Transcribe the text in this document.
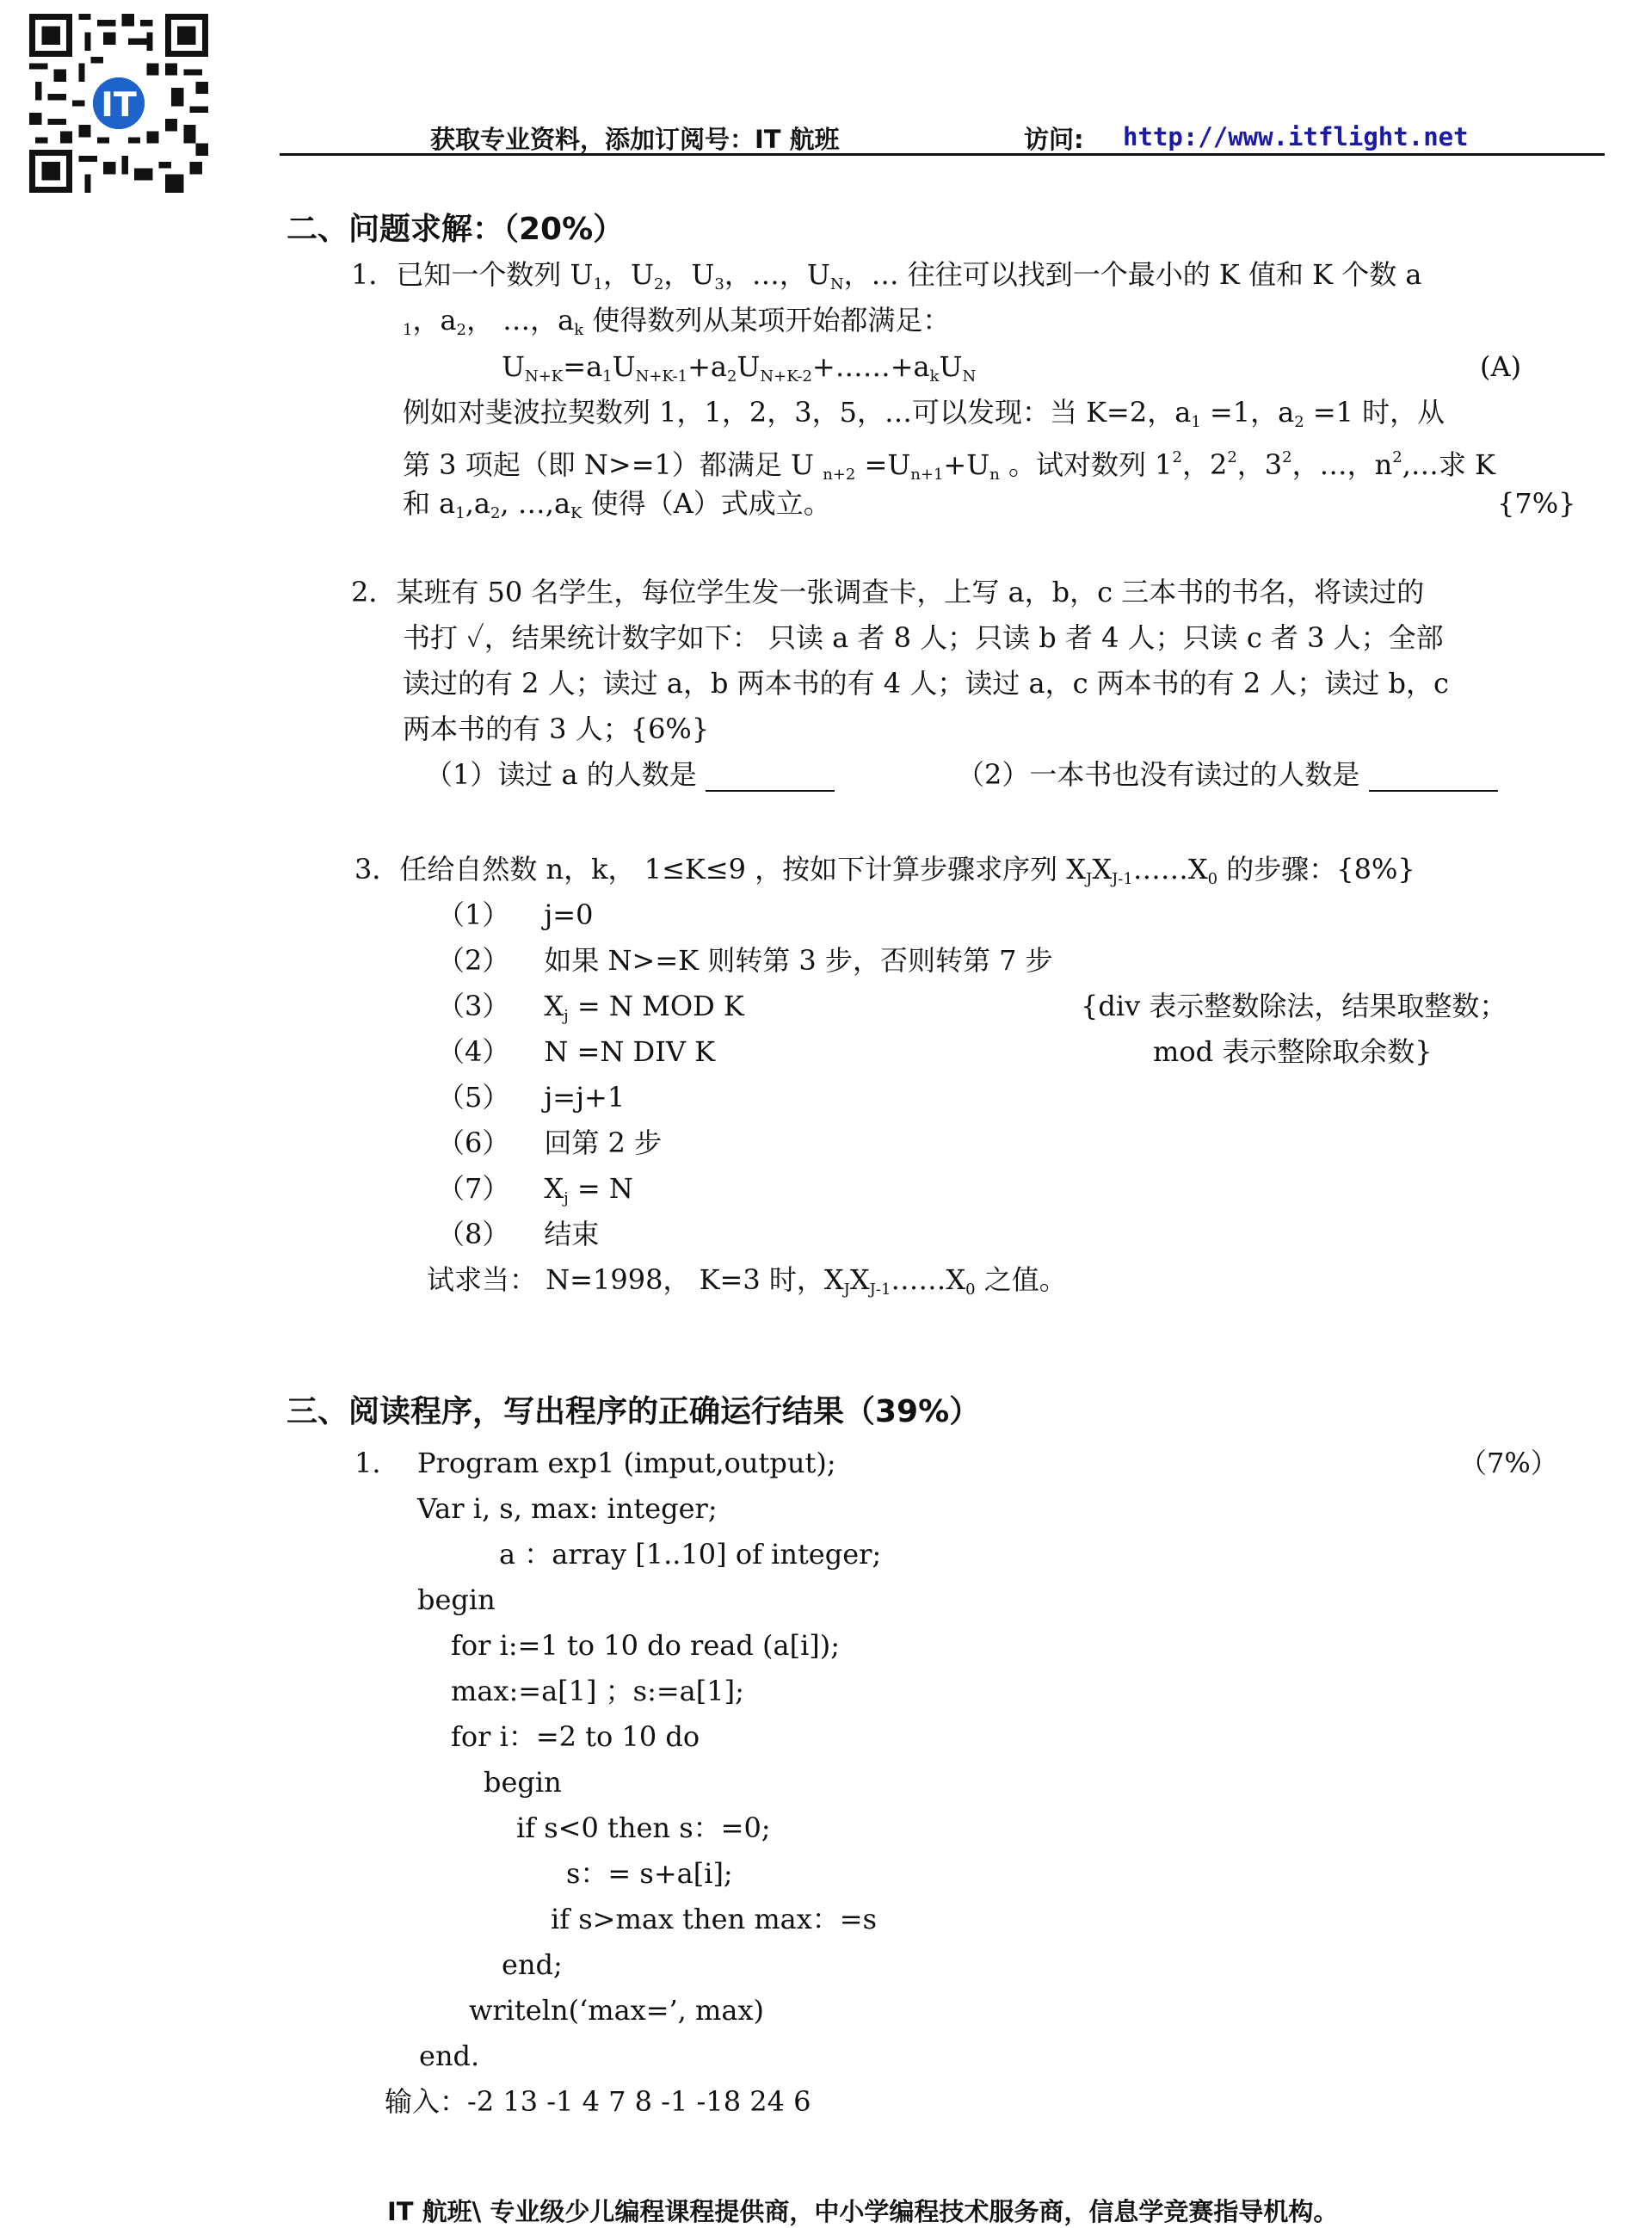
IT
获取专业资料，添加订阅号：IT 航班	访问: http://www.itflight.net
二、问题求解：（20%）
1．已知一个数列 $U_1$，$U_2$，$U_3$，…，$U_N$，… 往往可以找到一个最小的 K 值和 K 个数 a
$_1$，$a_2$， …，$a_k$ 使得数列从某项开始都满足：
$U_{N+K}=a_1U_{N+K-1}+a_2U_{N+K-2}+\dots\dots+a_kU_N$	(A)
例如对斐波拉契数列 1，1，2，3，5，…可以发现：当 K=2，$a_1 =1$，$a_2 =1$ 时，从
第 3 项起（即 N>=1）都满足 U $_{n+2} =U_{n+1}+U_n$ 。试对数列 $1^2$，$2^2$，$3^2$，…，$n^2,\dots$求 K
和 $a_1,a_2$, $\dots,a_K$ 使得（A）式成立。	{7%}
2．某班有 50 名学生，每位学生发一张调查卡，上写 a，b，c 三本书的书名，将读过的
书打 ✓，结果统计数字如下： 只读 a 者 8 人；只读 b 者 4 人；只读 c 者 3 人；全部
读过的有 2 人；读过 a，b 两本书的有 4 人；读过 a，c 两本书的有 2 人；读过 b，c
两本书的有 3 人；{6%}
（1）读过 a 的人数是	（2）一本书也没有读过的人数是
3．任给自然数 n，k， 1≤K≤9 ，按如下计算步骤求序列 $X_JX_{J-1}\dots\dots X_0$ 的步骤：{8%}
（1） j=0
（2） 如果 N>=K 则转第 3 步，否则转第 7 步
（3） $X_j = N$ MOD K
（4） N =N DIV K
（5） j=j+1
（6） 回第 2 步
（7） $X_j = N$
（8） 结束
{div 表示整数除法，结果取整数；
mod 表示整除取余数}
试求当： N=1998， K=3 时，$X_JX_{J-1}\dots\dots X_0$ 之值。
三、阅读程序，写出程序的正确运行结果（39%）
1.	（7%）
Program exp1 (imput,output);
Var i, s, max: integer;
a ：array [1..10] of integer;
begin
for i:=1 to 10 do read (a[i]);
max:=a[1] ；s:=a[1];
for i：=2 to 10 do
begin
if s<0 then s：=0;
s：= s+a[i];
if s>max then max：=s
end;
writeln(‘max=’, max)
end.
输入：-2 13 -1 4 7 8 -1 -18 24 6
IT 航班\ 专业级少儿编程课程提供商，中小学编程技术服务商，信息学竞赛指导机构。
